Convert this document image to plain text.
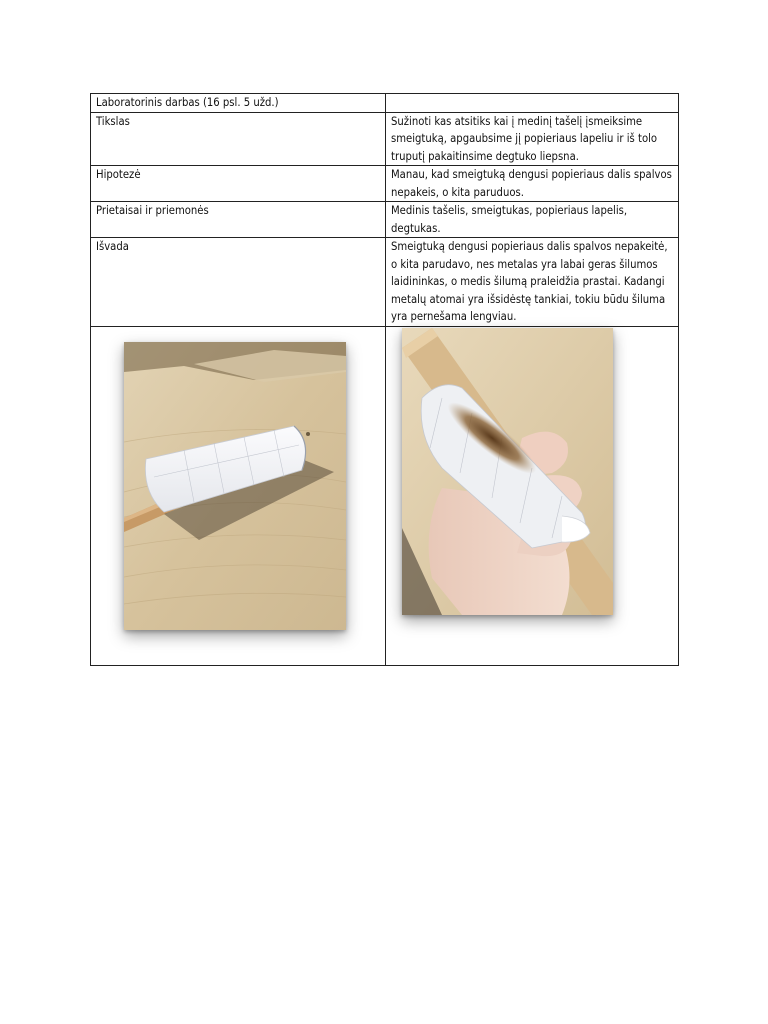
Laboratorinis darbas (16 psl. 5 užd.)	
Tikslas	Sužinoti kas atsitiks kai į medinį tašelį įsmeiksime smeigtuką, apgaubsime jį popieriaus lapeliu ir iš tolo truputį pakaitinsime degtuko liepsna.
Hipotezė	Manau, kad smeigtuką dengusi popieriaus dalis spalvos nepakeis, o kita paruduos.
Prietaisai ir priemonės	Medinis tašelis, smeigtukas, popieriaus lapelis, degtukas.
Išvada	Smeigtuką dengusi popieriaus dalis spalvos nepakeitė, o kita parudavo, nes metalas yra labai geras šilumos laidininkas, o medis šilumą praleidžia prastai. Kadangi metalų atomai yra išsidėstę tankiai, tokiu būdu šiluma yra pernešama lengviau.
